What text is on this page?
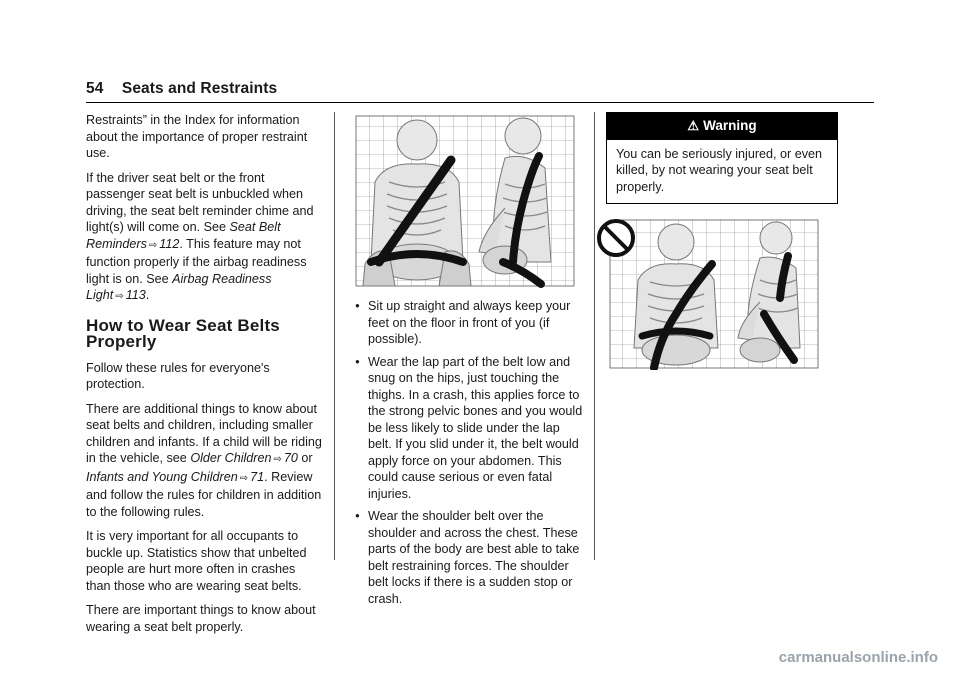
54 Seats and Restraints

Restraints” in the Index for information about the importance of proper restraint use.

If the driver seat belt or the front passenger seat belt is unbuckled when driving, the seat belt reminder chime and light(s) will come on. See Seat Belt Reminders ⇨ 112. This feature may not function properly if the airbag readiness light is on. See Airbag Readiness Light ⇨ 113.

How to Wear Seat Belts Properly

Follow these rules for everyone's protection.

There are additional things to know about seat belts and children, including smaller children and infants. If a child will be riding in the vehicle, see Older Children ⇨ 70 or Infants and Young Children ⇨ 71. Review and follow the rules for children in addition to the following rules.

It is very important for all occupants to buckle up. Statistics show that unbelted people are hurt more often in crashes than those who are wearing seat belts.

There are important things to know about wearing a seat belt properly.

● Sit up straight and always keep your feet on the floor in front of you (if possible).
● Wear the lap part of the belt low and snug on the hips, just touching the thighs. In a crash, this applies force to the strong pelvic bones and you would be less likely to slide under the lap belt. If you slid under it, the belt would apply force on your abdomen. This could cause serious or even fatal injuries.
● Wear the shoulder belt over the shoulder and across the chest. These parts of the body are best able to take belt restraining forces. The shoulder belt locks if there is a sudden stop or crash.
⚠ Warning
You can be seriously injured, or even killed, by not wearing your seat belt properly.
carmanualsonline.info
